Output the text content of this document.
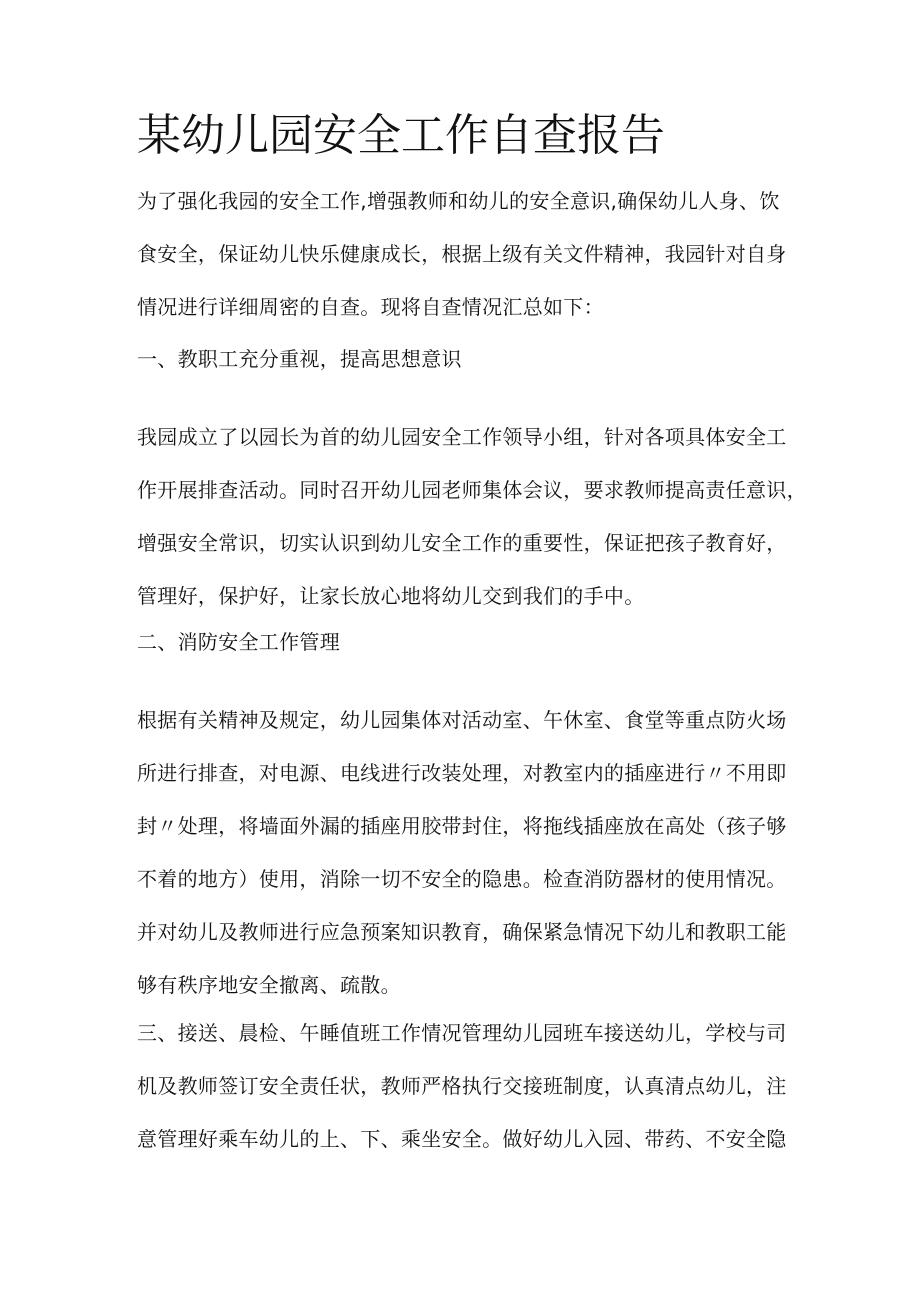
某幼儿园安全工作自查报告
为了强化我园的安全工作,增强教师和幼儿的安全意识,确保幼儿人身、饮
食安全，保证幼儿快乐健康成长，根据上级有关文件精神，我园针对自身
情况进行详细周密的自查。现将自查情况汇总如下：
一、教职工充分重视，提高思想意识
我园成立了以园长为首的幼儿园安全工作领导小组，针对各项具体安全工
作开展排查活动。同时召开幼儿园老师集体会议，要求教师提高责任意识，
增强安全常识，切实认识到幼儿安全工作的重要性，保证把孩子教育好，
管理好，保护好，让家长放心地将幼儿交到我们的手中。
二、消防安全工作管理
根据有关精神及规定，幼儿园集体对活动室、午休室、食堂等重点防火场
所进行排查，对电源、电线进行改装处理，对教室内的插座进行〃不用即
封〃处理，将墙面外漏的插座用胶带封住，将拖线插座放在高处（孩子够
不着的地方）使用，消除一切不安全的隐患。检查消防器材的使用情况。
并对幼儿及教师进行应急预案知识教育，确保紧急情况下幼儿和教职工能
够有秩序地安全撤离、疏散。
三、接送、晨检、午睡值班工作情况管理幼儿园班车接送幼儿，学校与司
机及教师签订安全责任状，教师严格执行交接班制度，认真清点幼儿，注
意管理好乘车幼儿的上、下、乘坐安全。做好幼儿入园、带药、不安全隐
